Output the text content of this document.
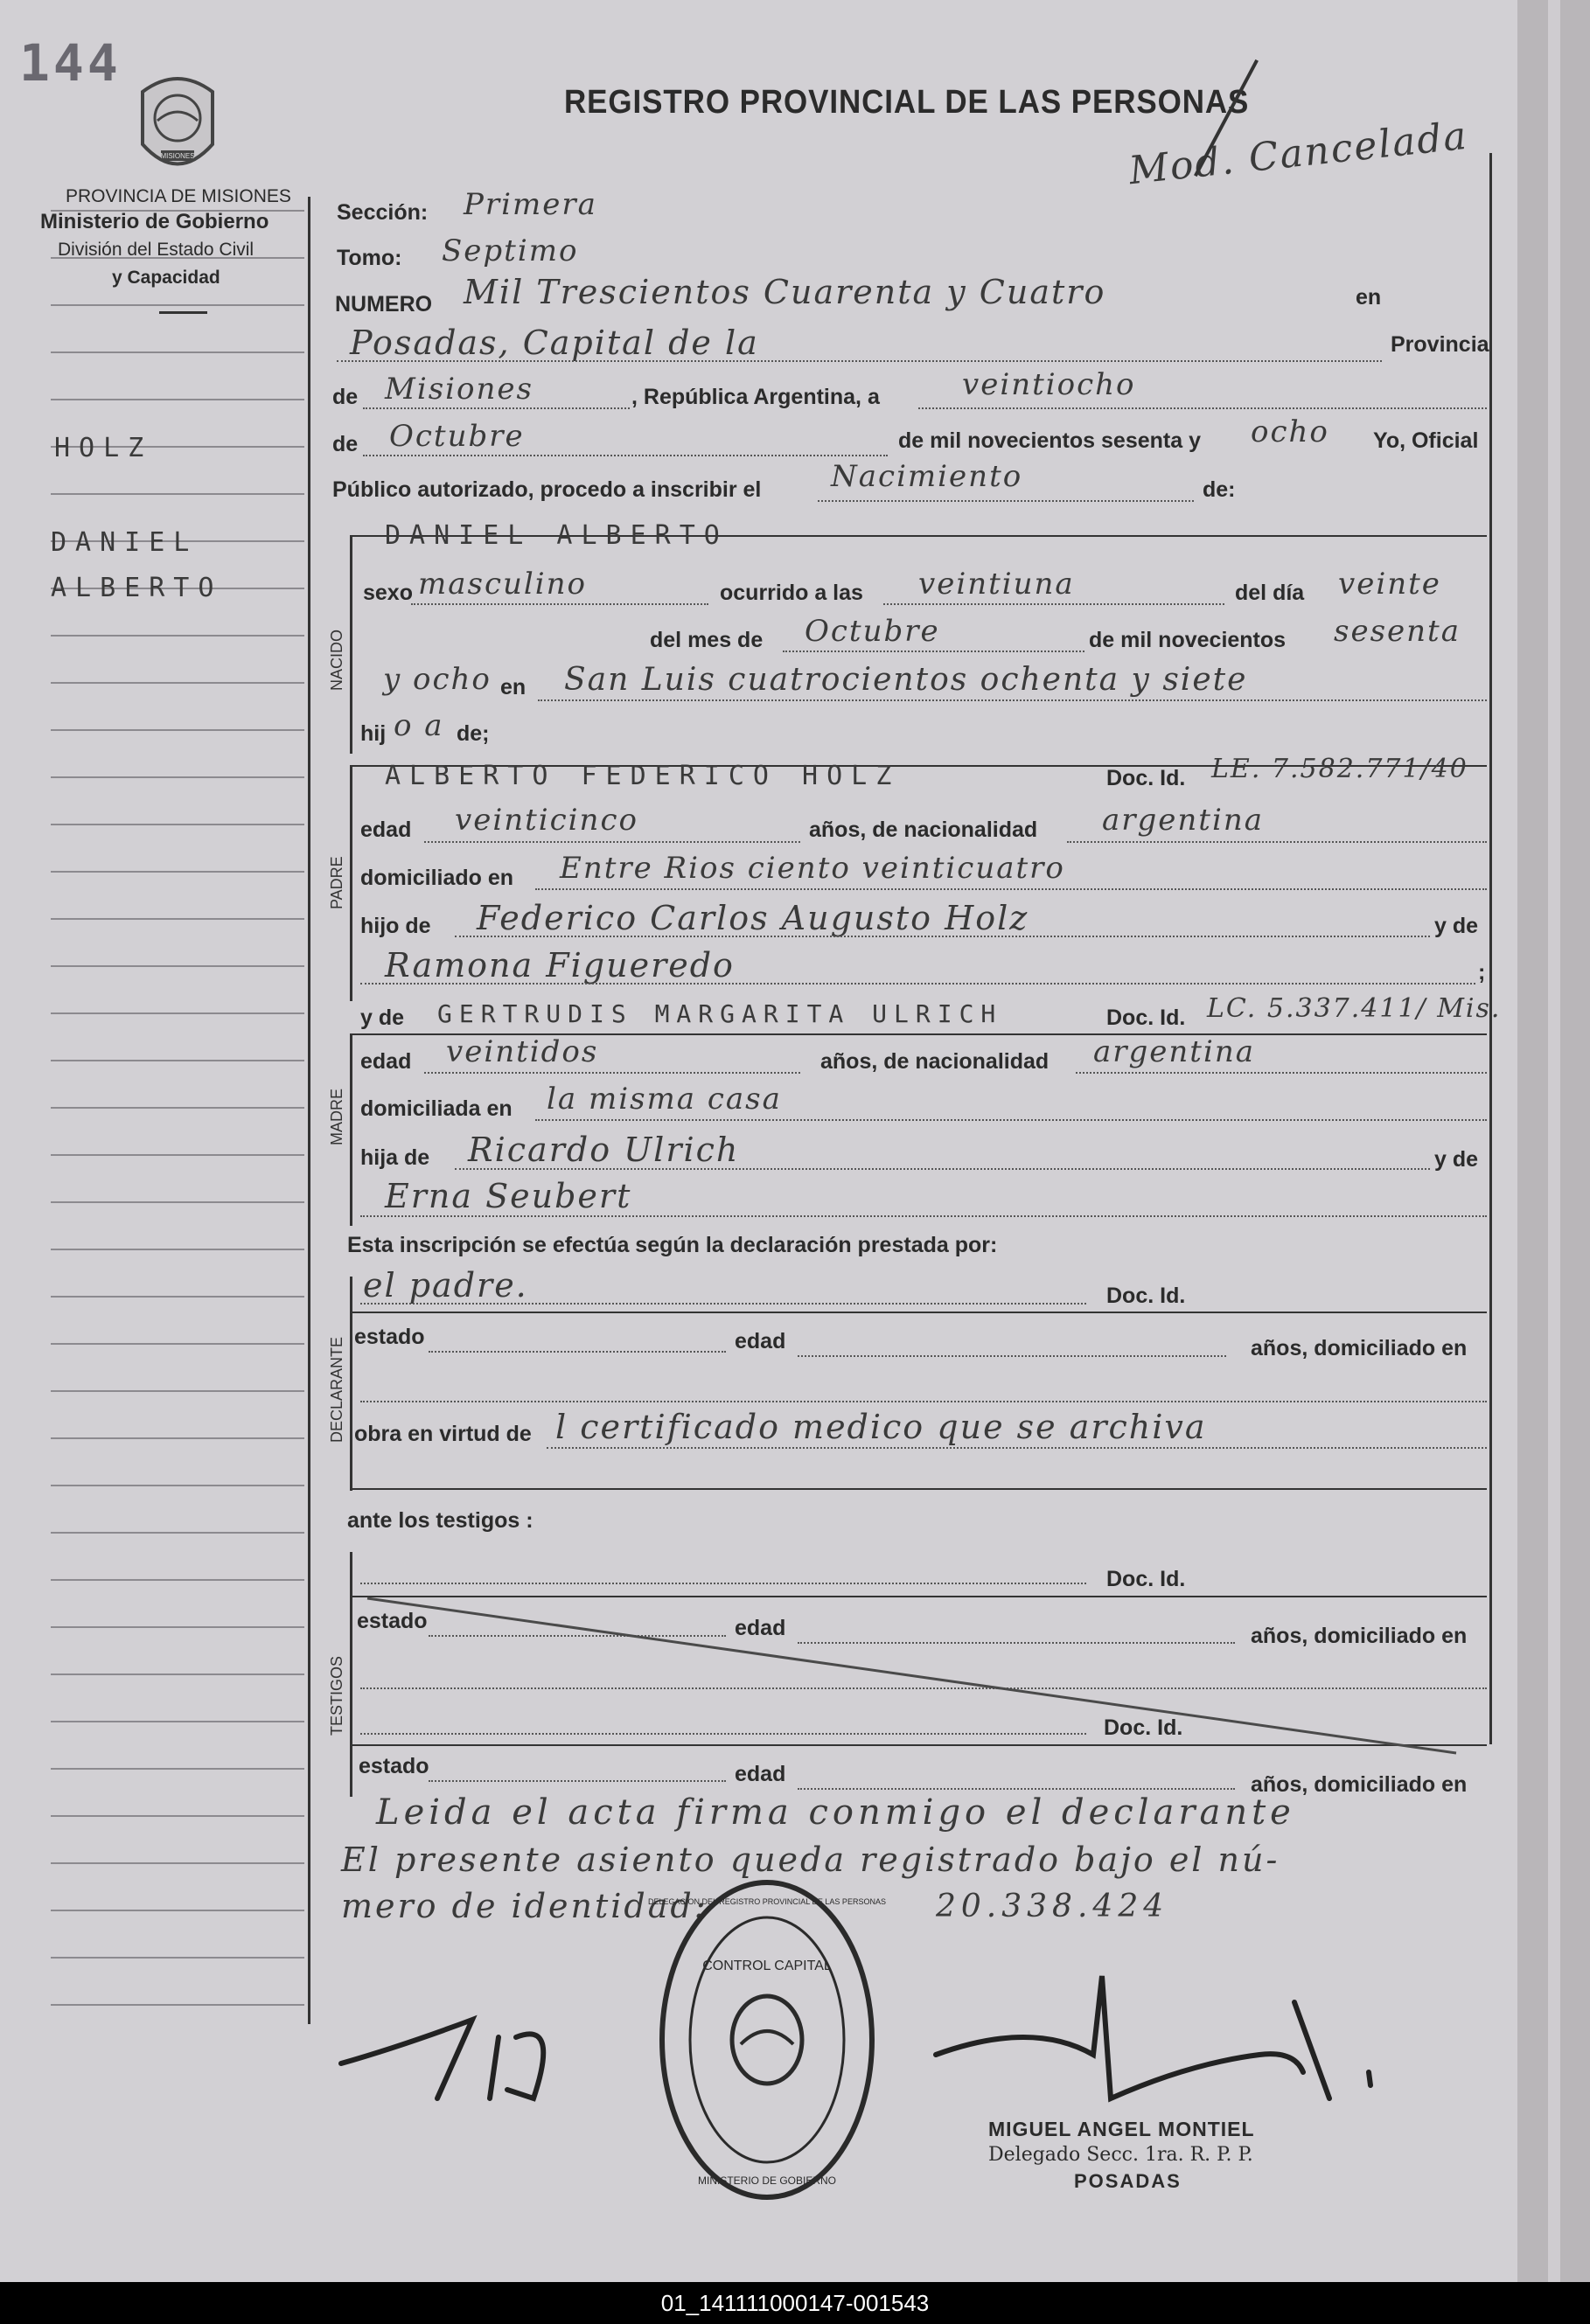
144
MISIONES
PROVINCIA DE MISIONES
Ministerio de Gobierno
División del Estado Civil
y Capacidad
REGISTRO PROVINCIAL DE LAS PERSONAS
Mod. Cancelada
HOLZ
DANIEL
ALBERTO
Sección: Primera
Tomo: Septimo
NUMERO Mil Trescientos Cuarenta y Cuatro	en
Posadas, Capital de la	Provincia
de Misiones	, República Argentina, a	veintiocho
de Octubre	de mil novecientos sesenta y ocho Yo, Oficial
Público autorizado, procedo a inscribir el Nacimiento	de:
NACIDO
DANIEL ALBERTO
sexo masculino	ocurrido a las veintiuna	del día veinte
del mes de Octubre	de mil novecientos sesenta
y ocho en San Luis cuatrocientos ochenta y siete
hij o a de;
PADRE
ALBERTO FEDERICO HOLZ	Doc. Id. LE. 7.582.771/40
edad veinticinco	años, de nacionalidad argentina
domiciliado en Entre Rios ciento veinticuatro
hijo de Federico Carlos Augusto Holz	y de
Ramona Figueredo	;
y de GERTRUDIS MARGARITA ULRICH	Doc. Id. LC. 5.337.411/ Mis.
MADRE
edad veintidos	años, de nacionalidad argentina
domiciliada en la misma casa
hija de Ricardo Ulrich	y de
Erna Seubert
Esta inscripción se efectúa según la declaración prestada por:
DECLARANTE
el padre.	Doc. Id.
estado	edad	años, domiciliado en
obra en virtud de l certificado medico que se archiva
ante los testigos :
TESTIGOS
Doc. Id.
estado	edad	años, domiciliado en
Doc. Id.
estado	edad	años, domiciliado en
Leida el acta firma conmigo el declarante
El presente asiento queda registrado bajo el nú-
mero de identidad:	20.338.424
CONTROL CAPITAL
DELEGACION DEL REGISTRO PROVINCIAL DE LAS PERSONAS
MINISTERIO DE GOBIERNO
MIGUEL ANGEL MONTIEL
Delegado Secc. 1ra. R. P. P.
POSADAS
01_141111000147-001543
